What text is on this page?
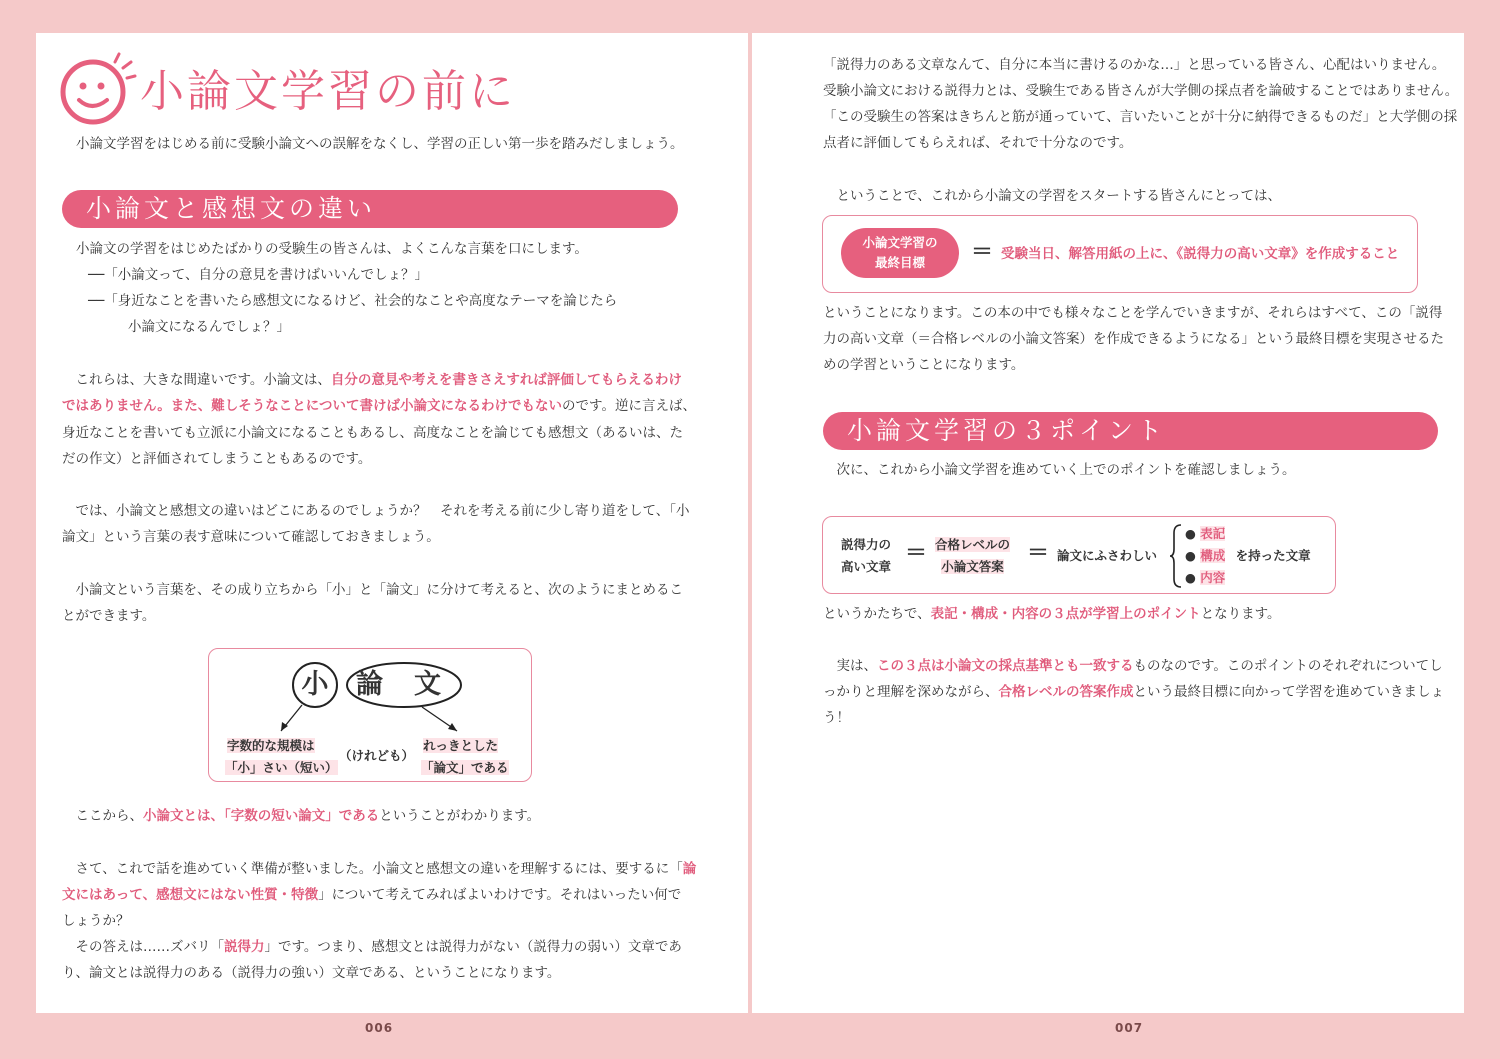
小論文学習の前に

小論文学習をはじめる前に受験小論文への誤解をなくし、学習の正しい第一歩を踏みだしましょう。

小論文と感想文の違い

小論文の学習をはじめたばかりの受験生の皆さんは、よくこんな言葉を口にします。

──「小論文って、自分の意見を書けばいいんでしょ？」

──「身近なことを書いたら感想文になるけど、社会的なことや高度なテーマを論じたら

小論文になるんでしょ？」

　これらは、大きな間違いです。小論文は、自分の意見や考えを書きさえすれば評価してもらえるわけ

ではありません。また、難しそうなことについて書けば小論文になるわけでもないのです。逆に言えば、

身近なことを書いても立派に小論文になることもあるし、高度なことを論じても感想文（あるいは、た

だの作文）と評価されてしまうこともあるのです。

　では、小論文と感想文の違いはどこにあるのでしょうか？　それを考える前に少し寄り道をして、「小

論文」という言葉の表す意味について確認しておきましょう。

　小論文という言葉を、その成り立ちから「小」と「論文」に分けて考えると、次のようにまとめるこ

とができます。

小 論 文
字数的な規模は
「小」さい（短い）
（けれども）
れっきとした
「論文」である

　ここから、小論文とは、「字数の短い論文」であるということがわかります。

　さて、これで話を進めていく準備が整いました。小論文と感想文の違いを理解するには、要するに「論

文にはあって、感想文にはない性質・特徴」について考えてみればよいわけです。それはいったい何で

しょうか？

　その答えは……ズバリ「説得力」です。つまり、感想文とは説得力がない（説得力の弱い）文章であ

り、論文とは説得力のある（説得力の強い）文章である、ということになります。

006

「説得力のある文章なんて、自分に本当に書けるのかな…」と思っている皆さん、心配はいりません。

受験小論文における説得力とは、受験生である皆さんが大学側の採点者を論破することではありません。

「この受験生の答案はきちんと筋が通っていて、言いたいことが十分に納得できるものだ」と大学側の採

点者に評価してもらえれば、それで十分なのです。

　ということで、これから小論文の学習をスタートする皆さんにとっては、

小論文学習の
最終目標	＝ 受験当日、解答用紙の上に、《説得力の高い文章》を作成すること

ということになります。この本の中でも様々なことを学んでいきますが、それらはすべて、この「説得

力の高い文章（＝合格レベルの小論文答案）を作成できるようになる」という最終目標を実現させるた

めの学習ということになります。

小論文学習の３ポイント

　次に、これから小論文学習を進めていく上でのポイントを確認しましょう。

説得力の
高い文章
＝ 合格レベルの
小論文答案
＝ 論文にふさわしい
● 表記
● 構成 を持った文章
● 内容

というかたちで、表記・構成・内容の３点が学習上のポイントとなります。

　実は、この３点は小論文の採点基準とも一致するものなのです。このポイントのそれぞれについてし

っかりと理解を深めながら、合格レベルの答案作成という最終目標に向かって学習を進めていきましょ

う！

007
